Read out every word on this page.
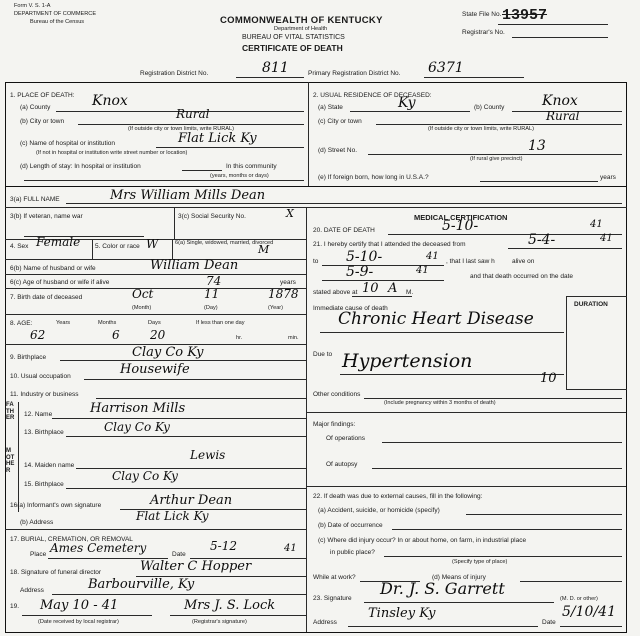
Form V. S. 1-A
DEPARTMENT OF COMMERCE
Bureau of the Census	COMMONWEALTH OF KENTUCKY
Department of Health
BUREAU OF VITAL STATISTICS
CERTIFICATE OF DEATH
State File No. 13957
Registrar's No.
Registration District No.	811	Primary Registration District No. 6371
1. PLACE OF DEATH:
(a) County	Knox
(b) City or town
Rural
(If outside city or town limits, write RURAL)
(c) Name of hospital or institution	Flat Lick Ky
(If not in hospital or institution write street number or location)
(d) Length of stay: In hospital or institution	In this community
(years, months or days)
2. USUAL RESIDENCE OF DECEASED:
(a) State	Ky	(b) County	Knox
(c) City or town	Rural
(If outside city or town limits, write RURAL)
(d) Street No.	13
(If rural give precinct)
(e) If foreign born, how long in U.S.A.?	years
3(a) FULL NAME	Mrs William Mills Dean
3(b) If veteran, name war	3(c) Social Security No.	X
4. Sex Female 5. Color or race W	6(a) Single, widowed, married, divorced
M
6(b) Name of husband or wife	William Dean
6(c) Age of husband or wife if alive	74	years
7. Birth date of deceased	Oct	11	1878
(Month)	(Day)	(Year)
8. AGE:	Years	Months	Days	If less than one day
62	6	20	hr.	min.
9. Birthplace	Clay Co Ky
10. Usual occupation	Housewife
11. Industry or business
FATHER
12. Name	Harrison Mills
13. Birthplace	Clay Co Ky
MOTHER
14. Maiden name
Lewis
15. Birthplace
Clay Co Ky
16(a) Informant's own signature	Arthur Dean
(b) Address	Flat Lick Ky
17. BURIAL, CREMATION, OR REMOVAL
Place Ames Cemetery	Date
5-12	41
18. Signature of funeral director	Walter C Hopper
Address	Barbourville, Ky
19. May 10 - 41	Mrs J. S. Lock
(Date received by local registrar)	(Registrar's signature)
MEDICAL CERTIFICATION
20. DATE OF DEATH	5-10-	41
21. I hereby certify that I attended the deceased from	5-4-	41
to 5-10-	41 , that I last saw h	alive on
5-9-	41
and that death occurred on the date
stated above at 10 A M.
DURATION
Immediate cause of death
Chronic Heart Disease
Due to Hypertension
Other conditions
10
(Include pregnancy within 3 months of death)
Major findings:
Of operations
Of autopsy
22. If death was due to external causes, fill in the following:
(a) Accident, suicide, or homicide (specify)
(b) Date of occurrence
(c) Where did injury occur? In or about home, on farm, in industrial place
in public place?
(Specify type of place)
While at work?	(d) Means of injury
23. Signature
Dr. J. S. Garrett
(M. D. or other)
Address
Tinsley Ky
Date
5/10/41
